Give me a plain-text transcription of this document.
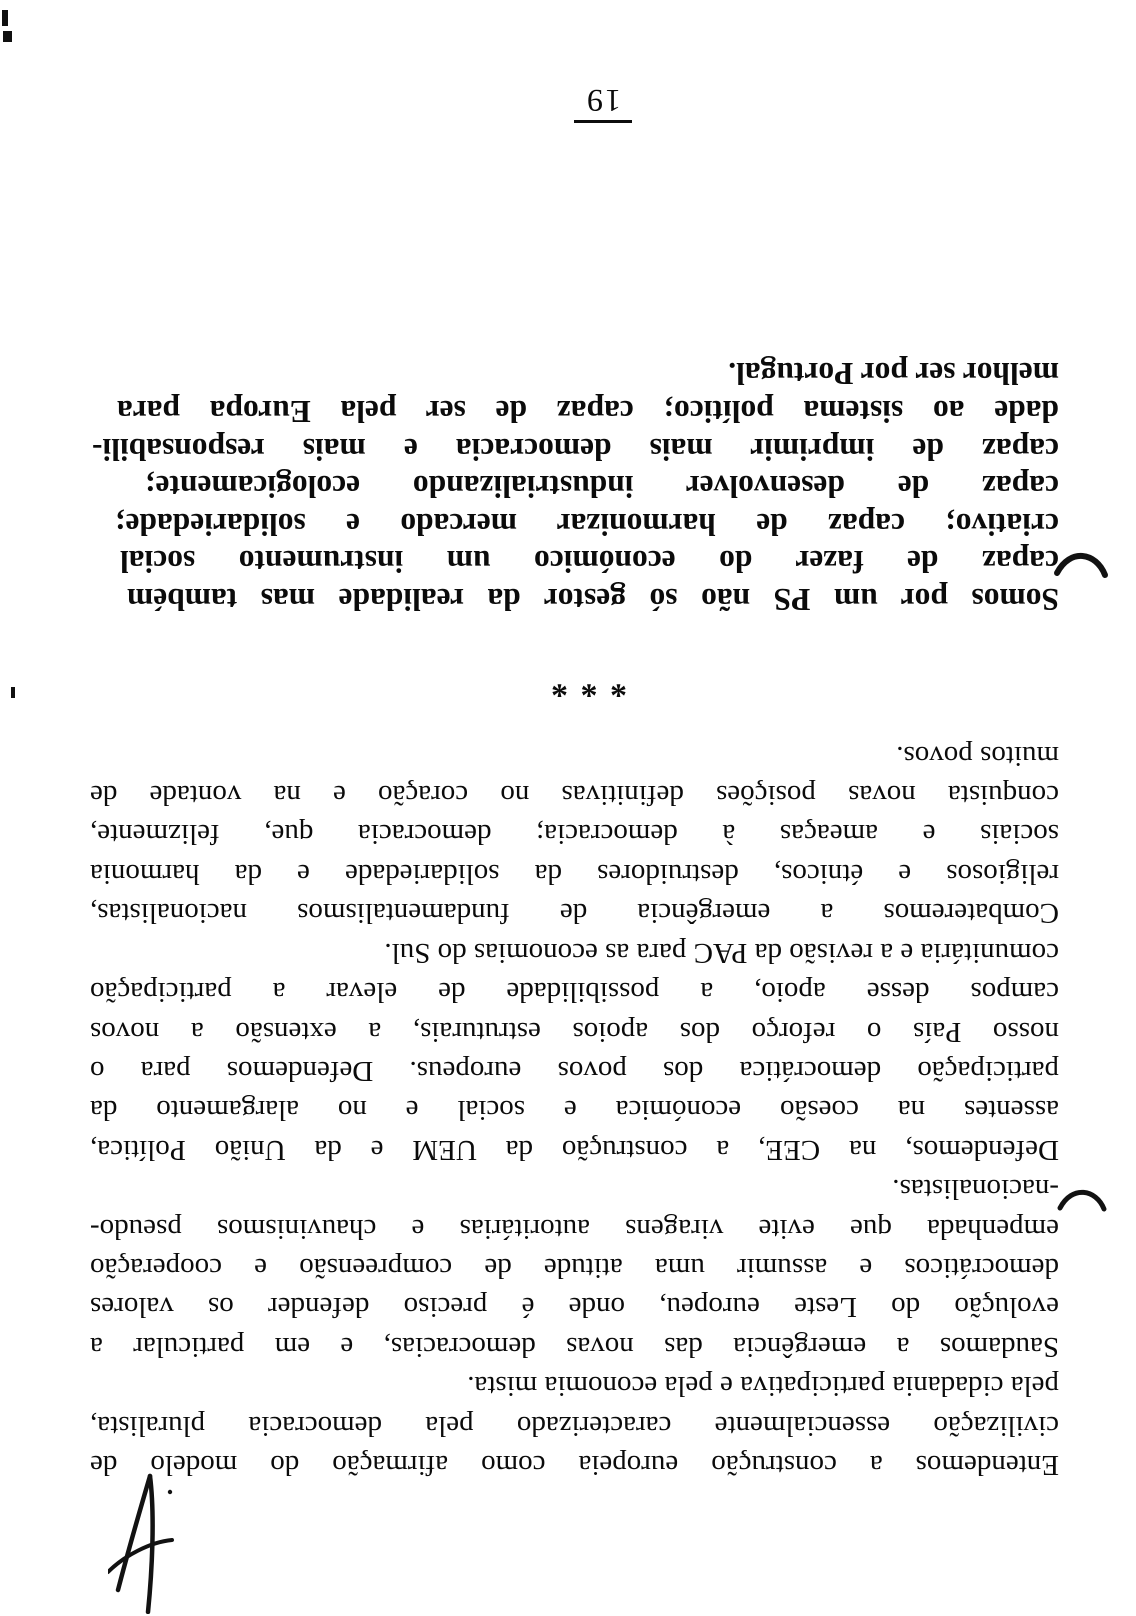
Entendemos a construção europeia como afirmação do modelo de
civilização essencialmente caracterizado pela democracia pluralista,
pela cidadania participativa e pela economia mista.
Saudamos a emergência das novas democracias, e em particular a
evolução do Leste europeu, onde é preciso defender os valores
democráticos e assumir uma atitude de compreensão e cooperação
empenhada que evite viragens autoritárias e chauvinismos pseudo-
-nacionalistas.
Defendemos, na CEE, a construção da UEM e da União Política,
assentes na coesão económica e social e no alargamento da
participação democrática dos povos europeus. Defendemos para o
nosso País o reforço dos apoios estruturais, a extensão a novos
campos desse apoio, a possibilidade de elevar a participação
comunitária e a revisão da PAC para as economias do Sul.
Combateremos a emergência de fundamentalismos nacionalistas,
religiosos e étnicos, destruidores da solidariedade e da harmonia
sociais e ameaças à democracia; democracia que, felizmente,
conquista novas posições definitivas no coração e na vontade de
muitos povos.
* * *
Somos por um PS não só gestor da realidade mas também
capaz de fazer do económico um instrumento social
criativo; capaz de harmonizar mercado e solidariedade;
capaz de desenvolver industrializando ecologicamente;
capaz de imprimir mais democracia e mais responsabili-
dade ao sistema político; capaz de ser pela Europa para
melhor ser por Portugal.
19
